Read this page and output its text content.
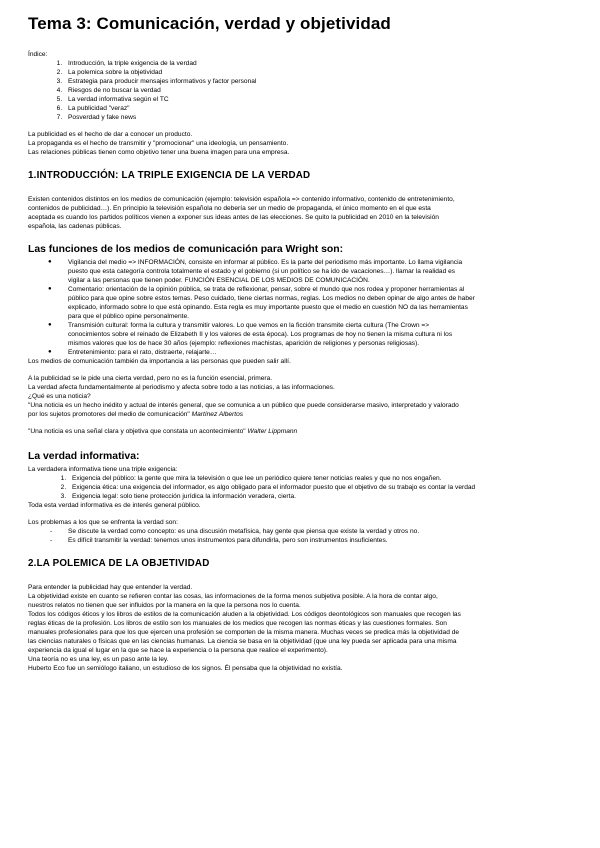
Tema 3: Comunicación, verdad y objetividad

Índice:

1. Introducción, la triple exigencia de la verdad
2. La polemica sobre la objetividad
3. Estrategia para producir mensajes informativos y factor personal
4. Riesgos de no buscar la verdad
5. La verdad informativa según el TC
6. La publicidad "veraz"
7. Posverdad y fake news

La publicidad es el hecho de dar a conocer un producto.

La propaganda es el hecho de transmitir y "promocionar" una ideología, un pensamiento.

Las relaciones públicas tienen como objetivo tener una buena imagen para una empresa.

1.INTRODUCCIÓN: LA TRIPLE EXIGENCIA DE LA VERDAD

Existen contenidos distintos en los medios de comunicación (ejemplo: televisión española => contenido informativo, contenido de entretenimiento,

contenidos de publicidad…). En principio la televisión española no debería ser un medio de propaganda, el único momento en el que esta

aceptada es cuando los partidos políticos vienen a exponer sus ideas antes de las elecciones. Se quito la publicidad en 2010 en la televisión

española, las cadenas públicas.

Las funciones de los medios de comunicación para Wright son:

● Vigilancia del medio => INFORMACIÓN, consiste en informar al público. Es la parte del periodismo más importante. Lo llama vigilancia

puesto que esta categoría controla totalmente el estado y el gobierno (si un político se ha ido de vacaciones…). llamar la realidad es

vigilar a las personas que tienen poder. FUNCIÓN ESENCIAL DE LOS MEDIOS DE COMUNICACIÓN.

● Comentario: orientación de la opinión pública, se trata de reflexionar, pensar, sobre el mundo que nos rodea y proponer herramientas al

público para que opine sobre estos temas. Peso cuidado, tiene ciertas normas, reglas. Los medios no deben opinar de algo antes de haber

explicado, informado sobre lo que está opinando. Esta regla es muy importante puesto que el medio en cuestión NO da las herramientas

para que el público opine personalmente.

● Transmisión cultural: forma la cultura y transmitir valores. Lo que vemos en la ficción transmite cierta cultura (The Crown =>

conocimientos sobre el reinado de Elizabeth II y los valores de esta época). Los programas de hoy no tienen la misma cultura ni los

mismos valores que los de hace 30 años (ejemplo: reflexiones machistas, aparición de religiones y personas religiosas).

● Entretenimiento: para el rato, distraerte, relajarte…

Los medios de comunicación también da importancia a las personas que pueden salir allí.

A la publicidad se le pide una cierta verdad, pero no es la función esencial, primera.

La verdad afecta fundamentalmente al periodismo y afecta sobre todo a las noticias, a las informaciones.

¿Qué es una noticia?

"Una noticia es un hecho inédito y actual de interés general, que se comunica a un público que puede considerarse masivo, interpretado y valorado

por los sujetos promotores del medio de comunicación" Martínez Albertos

"Una noticia es una señal clara y objetiva que constata un acontecimiento" Walter Lippmann

La verdad informativa:

La verdadera informativa tiene una triple exigencia:

1. Exigencia del público: la gente que mira la televisión o que lee un periódico quiere tener noticias reales y que no nos engañen.
2. Exigencia ética: una exigencia del informador, es algo obligado para el informador puesto que el objetivo de su trabajo es contar la verdad
3. Exigencia legal: solo tiene protección jurídica la información veradera, cierta.

Toda esta verdad informativa es de interés general público.

Los problemas a los que se enfrenta la verdad son:

- Se discute la verdad como concepto: es una discusión metafísica, hay gente que piensa que existe la verdad y otros no.
- Es difícil transmitir la verdad: tenemos unos instrumentos para difundirla, pero son instrumentos insuficientes.
2.LA POLEMICA DE LA OBJETIVIDAD

Para entender la publicidad hay que entender la verdad.

La objetividad existe en cuanto se refieren contar las cosas, las informaciones de la forma menos subjetiva posible. A la hora de contar algo,

nuestros relatos no tienen que ser influidos por la manera en la que la persona nos lo cuenta.

Todos los códigos éticos y los libros de estilos de la comunicación aluden a la objetividad. Los códigos deontológicos son manuales que recogen las

reglas éticas de la profesión. Los libros de estilo son los manuales de los medios que recogen las normas éticas y las cuestiones formales. Son

manuales profesionales para que los que ejercen una profesión se comporten de la misma manera. Muchas veces se predica más la objetividad de

las ciencias naturales o físicas que en las ciencias humanas. La ciencia se basa en la objetividad (que una ley pueda ser aplicada para una misma

experiencia da igual el lugar en la que se hace la experiencia o la persona que realice el experimento).

Una teoría no es una ley, es un paso ante la ley.

Huberto Eco fue un semiólogo italiano, un estudioso de los signos. Él pensaba que la objetividad no existía.
